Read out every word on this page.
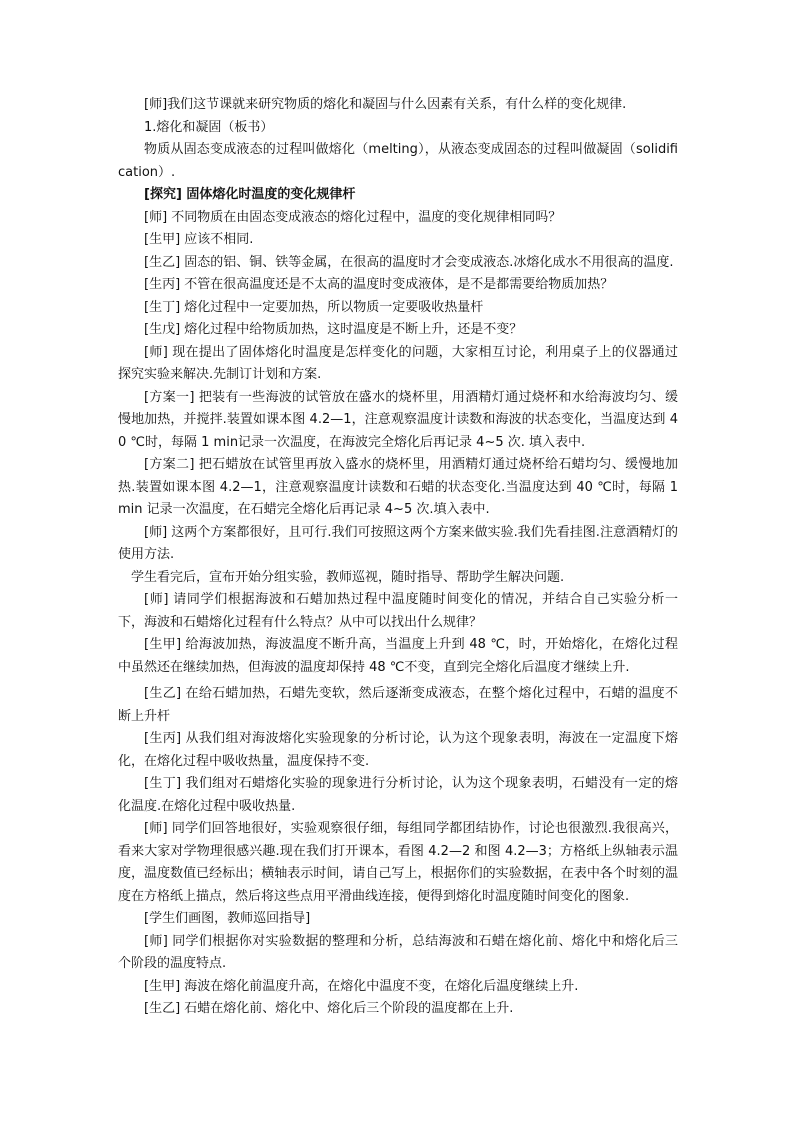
[师]我们这节课就来研究物质的熔化和凝固与什么因素有关系，有什么样的变化规律.

1.熔化和凝固（板书）

物质从固态变成液态的过程叫做熔化（melting），从液态变成固态的过程叫做凝固（solidification）.

[探究] 固体熔化时温度的变化规律杆

[师] 不同物质在由固态变成液态的熔化过程中，温度的变化规律相同吗？

[生甲] 应该不相同.

[生乙] 固态的铝、铜、铁等金属，在很高的温度时才会变成液态.冰熔化成水不用很高的温度.

[生丙] 不管在很高温度还是不太高的温度时变成液体，是不是都需要给物质加热？

[生丁] 熔化过程中一定要加热，所以物质一定要吸收热量杆

[生戊] 熔化过程中给物质加热，这时温度是不断上升，还是不变？

[师] 现在提出了固体熔化时温度是怎样变化的问题，大家相互讨论，利用桌子上的仪器通过探究实验来解决.先制订计划和方案.

[方案一] 把装有一些海波的试管放在盛水的烧杯里，用酒精灯通过烧杯和水给海波均匀、缓慢地加热，并搅拌.装置如课本图 4.2—1，注意观察温度计读数和海波的状态变化，当温度达到 40 ℃时，每隔 1 min记录一次温度，在海波完全熔化后再记录 4~5 次. 填入表中.

[方案二] 把石蜡放在试管里再放入盛水的烧杯里，用酒精灯通过烧杯给石蜡均匀、缓慢地加热.装置如课本图 4.2—1，注意观察温度计读数和石蜡的状态变化.当温度达到 40 ℃时，每隔 1 min 记录一次温度，在石蜡完全熔化后再记录 4~5 次.填入表中.

[师] 这两个方案都很好，且可行.我们可按照这两个方案来做实验.我们先看挂图.注意酒精灯的使用方法.

学生看完后，宣布开始分组实验，教师巡视，随时指导、帮助学生解决问题.

[师] 请同学们根据海波和石蜡加热过程中温度随时间变化的情况，并结合自己实验分析一下，海波和石蜡熔化过程有什么特点？从中可以找出什么规律？

[生甲] 给海波加热，海波温度不断升高，当温度上升到 48 ℃，时，开始熔化，在熔化过程中虽然还在继续加热，但海波的温度却保持 48 ℃不变，直到完全熔化后温度才继续上升.

[生乙] 在给石蜡加热，石蜡先变软，然后逐渐变成液态，在整个熔化过程中，石蜡的温度不断上升杆

[生丙] 从我们组对海波熔化实验现象的分析讨论，认为这个现象表明，海波在一定温度下熔化，在熔化过程中吸收热量，温度保持不变.

[生丁] 我们组对石蜡熔化实验的现象进行分析讨论，认为这个现象表明，石蜡没有一定的熔化温度.在熔化过程中吸收热量.

[师] 同学们回答地很好，实验观察很仔细，每组同学都团结协作，讨论也很激烈.我很高兴，看来大家对学物理很感兴趣.现在我们打开课本，看图 4.2—2 和图 4.2—3；方格纸上纵轴表示温度，温度数值已经标出；横轴表示时间，请自己写上，根据你们的实验数据，在表中各个时刻的温度在方格纸上描点，然后将这些点用平滑曲线连接，便得到熔化时温度随时间变化的图象.

[学生们画图，教师巡回指导]

[师] 同学们根据你对实验数据的整理和分析，总结海波和石蜡在熔化前、熔化中和熔化后三个阶段的温度特点.

[生甲] 海波在熔化前温度升高，在熔化中温度不变，在熔化后温度继续上升.

[生乙] 石蜡在熔化前、熔化中、熔化后三个阶段的温度都在上升.
